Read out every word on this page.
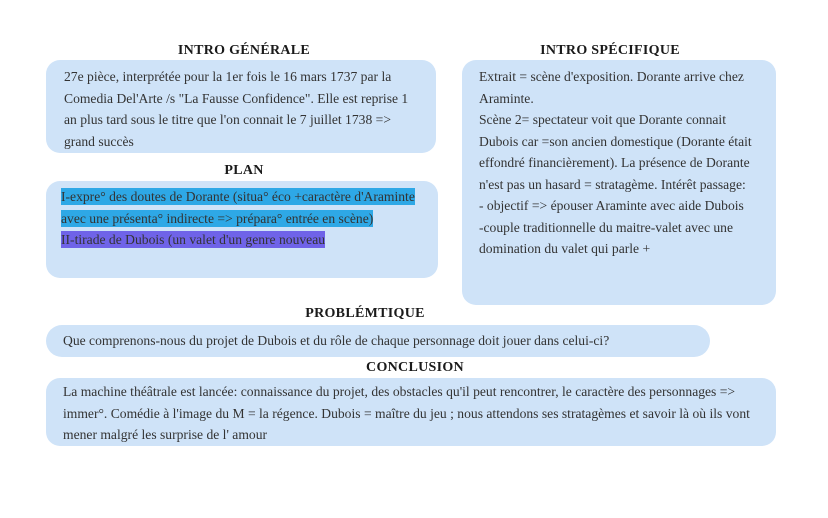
INTRO GÉNÉRALE

27e pièce, interprétée pour la 1er fois le 16 mars 1737 par la Comedia Del'Arte /s "La Fausse Confidence". Elle est reprise 1 an plus tard sous le titre que l'on connait le 7 juillet 1738 => grand succès

PLAN

I-expre° des doutes de Dorante (situa° éco +caractère d'Araminte avec une présenta° indirecte => prépara° entrée en scène)

II-tirade de Dubois (un valet d'un genre nouveau

INTRO SPÉCIFIQUE

Extrait = scène d'exposition. Dorante arrive chez Araminte.

Scène 2= spectateur voit que Dorante connait Dubois car =son ancien domestique (Dorante était effondré financièrement). La présence de Dorante n'est pas un hasard = stratagème. Intérêt passage:

- objectif => épouser Araminte avec aide Dubois

-couple traditionnelle du maitre-valet avec une domination du valet qui parle +

PROBLÉMTIQUE

Que comprenons-nous du projet de Dubois et du rôle de chaque personnage doit jouer dans celui-ci?

CONCLUSION

La machine théâtrale est lancée: connaissance du projet, des obstacles qu'il peut rencontrer, le caractère des personnages => immer°. Comédie à l'image du M = la régence. Dubois = maître du jeu ; nous attendons ses stratagèmes et savoir là où ils vont mener malgré les surprise de l' amour
